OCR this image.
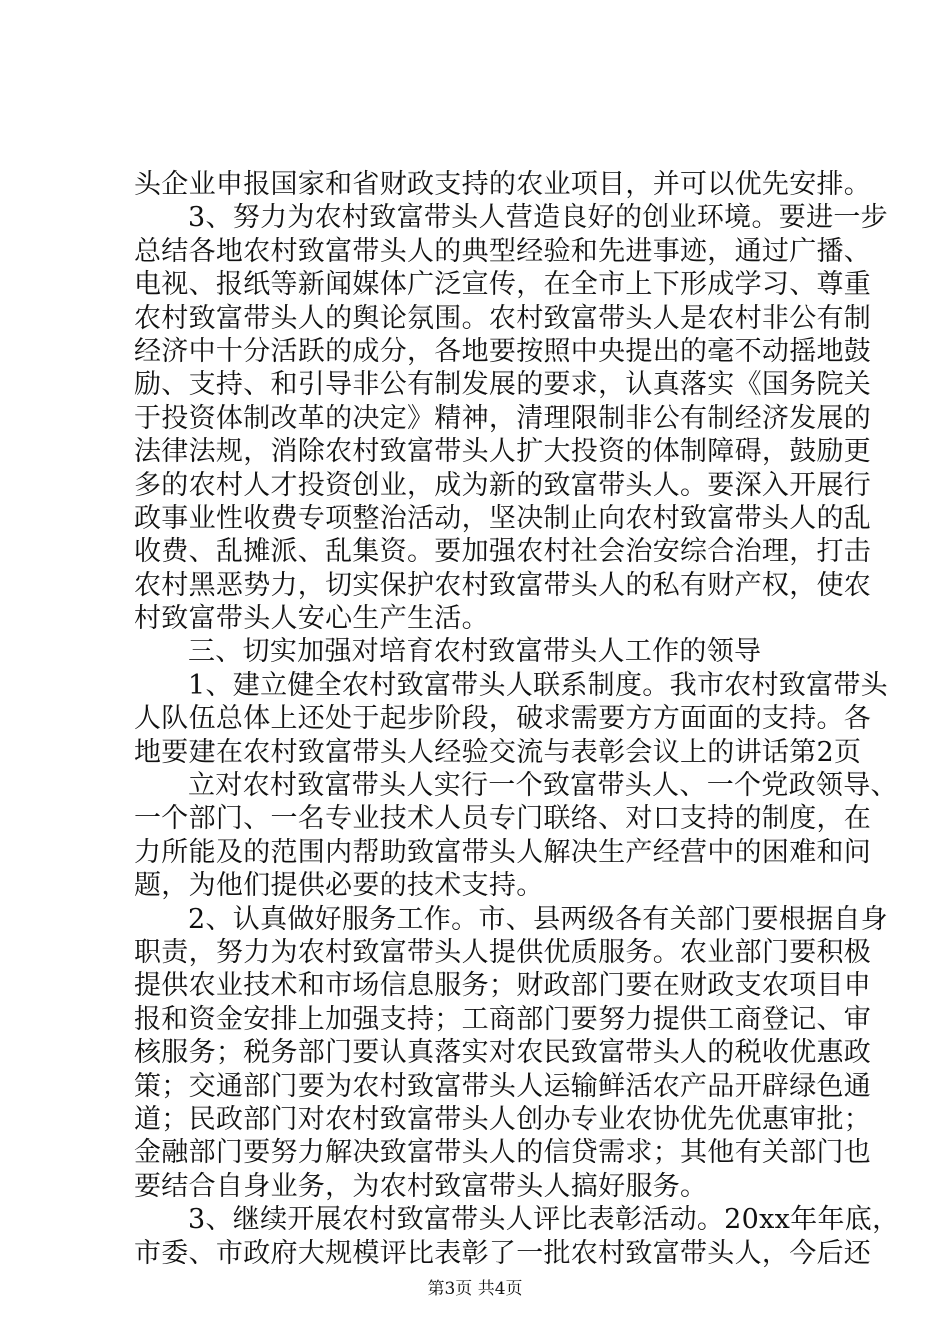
头企业申报国家和省财政支持的农业项目，并可以优先安排。
3、努力为农村致富带头人营造良好的创业环境。要进一步
总结各地农村致富带头人的典型经验和先进事迹，通过广播、
电视、报纸等新闻媒体广泛宣传，在全市上下形成学习、尊重
农村致富带头人的舆论氛围。农村致富带头人是农村非公有制
经济中十分活跃的成分，各地要按照中央提出的毫不动摇地鼓
励、支持、和引导非公有制发展的要求，认真落实《国务院关
于投资体制改革的决定》精神，清理限制非公有制经济发展的
法律法规，消除农村致富带头人扩大投资的体制障碍，鼓励更
多的农村人才投资创业，成为新的致富带头人。要深入开展行
政事业性收费专项整治活动，坚决制止向农村致富带头人的乱
收费、乱摊派、乱集资。要加强农村社会治安综合治理，打击
农村黑恶势力，切实保护农村致富带头人的私有财产权，使农
村致富带头人安心生产生活。
三、切实加强对培育农村致富带头人工作的领导
1、建立健全农村致富带头人联系制度。我市农村致富带头
人队伍总体上还处于起步阶段，破求需要方方面面的支持。各
地要建在农村致富带头人经验交流与表彰会议上的讲话第2页
立对农村致富带头人实行一个致富带头人、一个党政领导、
一个部门、一名专业技术人员专门联络、对口支持的制度，在
力所能及的范围内帮助致富带头人解决生产经营中的困难和问
题，为他们提供必要的技术支持。
2、认真做好服务工作。市、县两级各有关部门要根据自身
职责，努力为农村致富带头人提供优质服务。农业部门要积极
提供农业技术和市场信息服务；财政部门要在财政支农项目申
报和资金安排上加强支持；工商部门要努力提供工商登记、审
核服务；税务部门要认真落实对农民致富带头人的税收优惠政
策；交通部门要为农村致富带头人运输鲜活农产品开辟绿色通
道；民政部门对农村致富带头人创办专业农协优先优惠审批；
金融部门要努力解决致富带头人的信贷需求；其他有关部门也
要结合自身业务，为农村致富带头人搞好服务。
3、继续开展农村致富带头人评比表彰活动。20xx年年底，
市委、市政府大规模评比表彰了一批农村致富带头人，今后还
第3页 共4页
